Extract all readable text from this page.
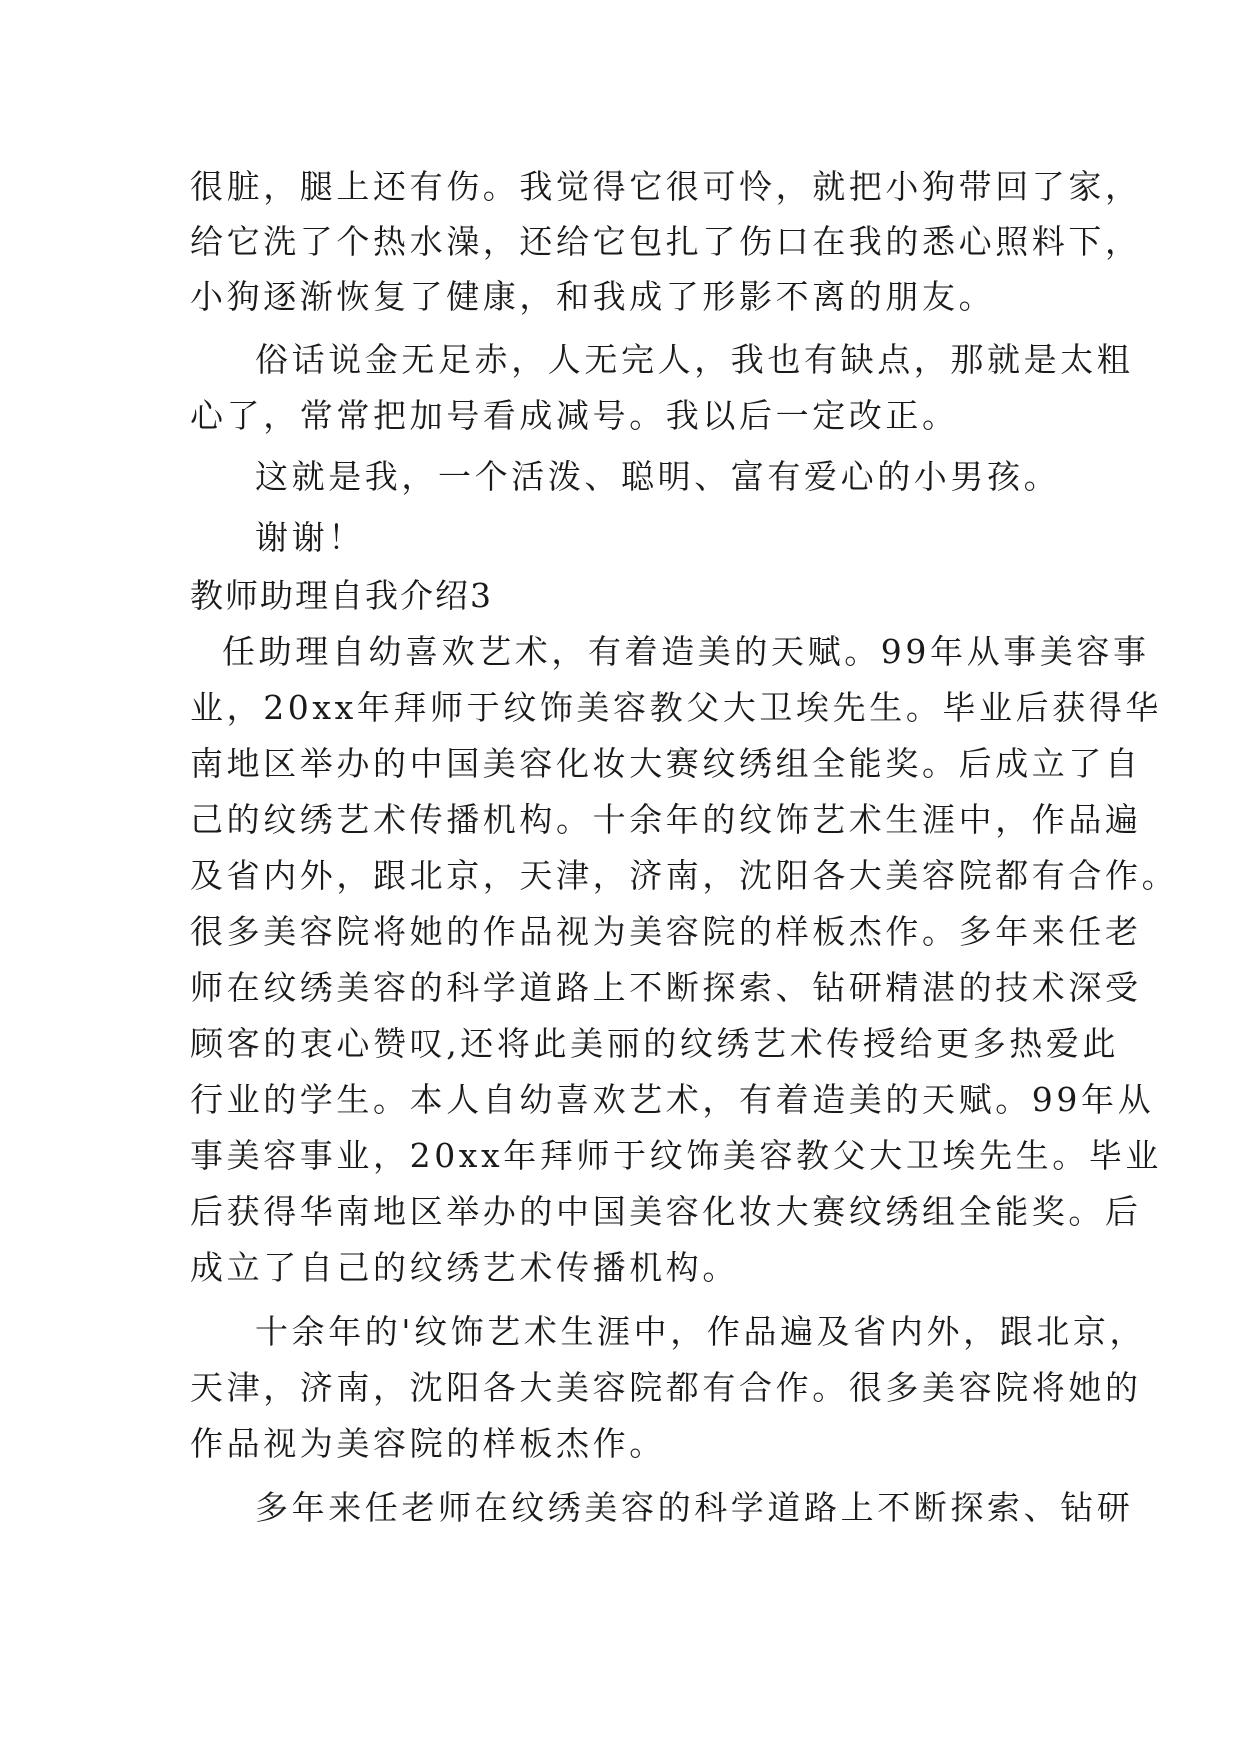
很脏，腿上还有伤。我觉得它很可怜，就把小狗带回了家，
给它洗了个热水澡，还给它包扎了伤口在我的悉心照料下，
小狗逐渐恢复了健康，和我成了形影不离的朋友。
俗话说金无足赤，人无完人，我也有缺点，那就是太粗
心了，常常把加号看成减号。我以后一定改正。
这就是我，一个活泼、聪明、富有爱心的小男孩。
谢谢！
教师助理自我介绍3
任助理自幼喜欢艺术，有着造美的天赋。99年从事美容事
业，20xx年拜师于纹饰美容教父大卫埃先生。毕业后获得华
南地区举办的中国美容化妆大赛纹绣组全能奖。后成立了自
己的纹绣艺术传播机构。十余年的纹饰艺术生涯中，作品遍
及省内外，跟北京，天津，济南，沈阳各大美容院都有合作。
很多美容院将她的作品视为美容院的样板杰作。多年来任老
师在纹绣美容的科学道路上不断探索、钻研精湛的技术深受
顾客的衷心赞叹,还将此美丽的纹绣艺术传授给更多热爱此
行业的学生。本人自幼喜欢艺术，有着造美的天赋。99年从
事美容事业，20xx年拜师于纹饰美容教父大卫埃先生。毕业
后获得华南地区举办的中国美容化妆大赛纹绣组全能奖。后
成立了自己的纹绣艺术传播机构。
十余年的'纹饰艺术生涯中，作品遍及省内外，跟北京，
天津，济南，沈阳各大美容院都有合作。很多美容院将她的
作品视为美容院的样板杰作。
多年来任老师在纹绣美容的科学道路上不断探索、钻研
